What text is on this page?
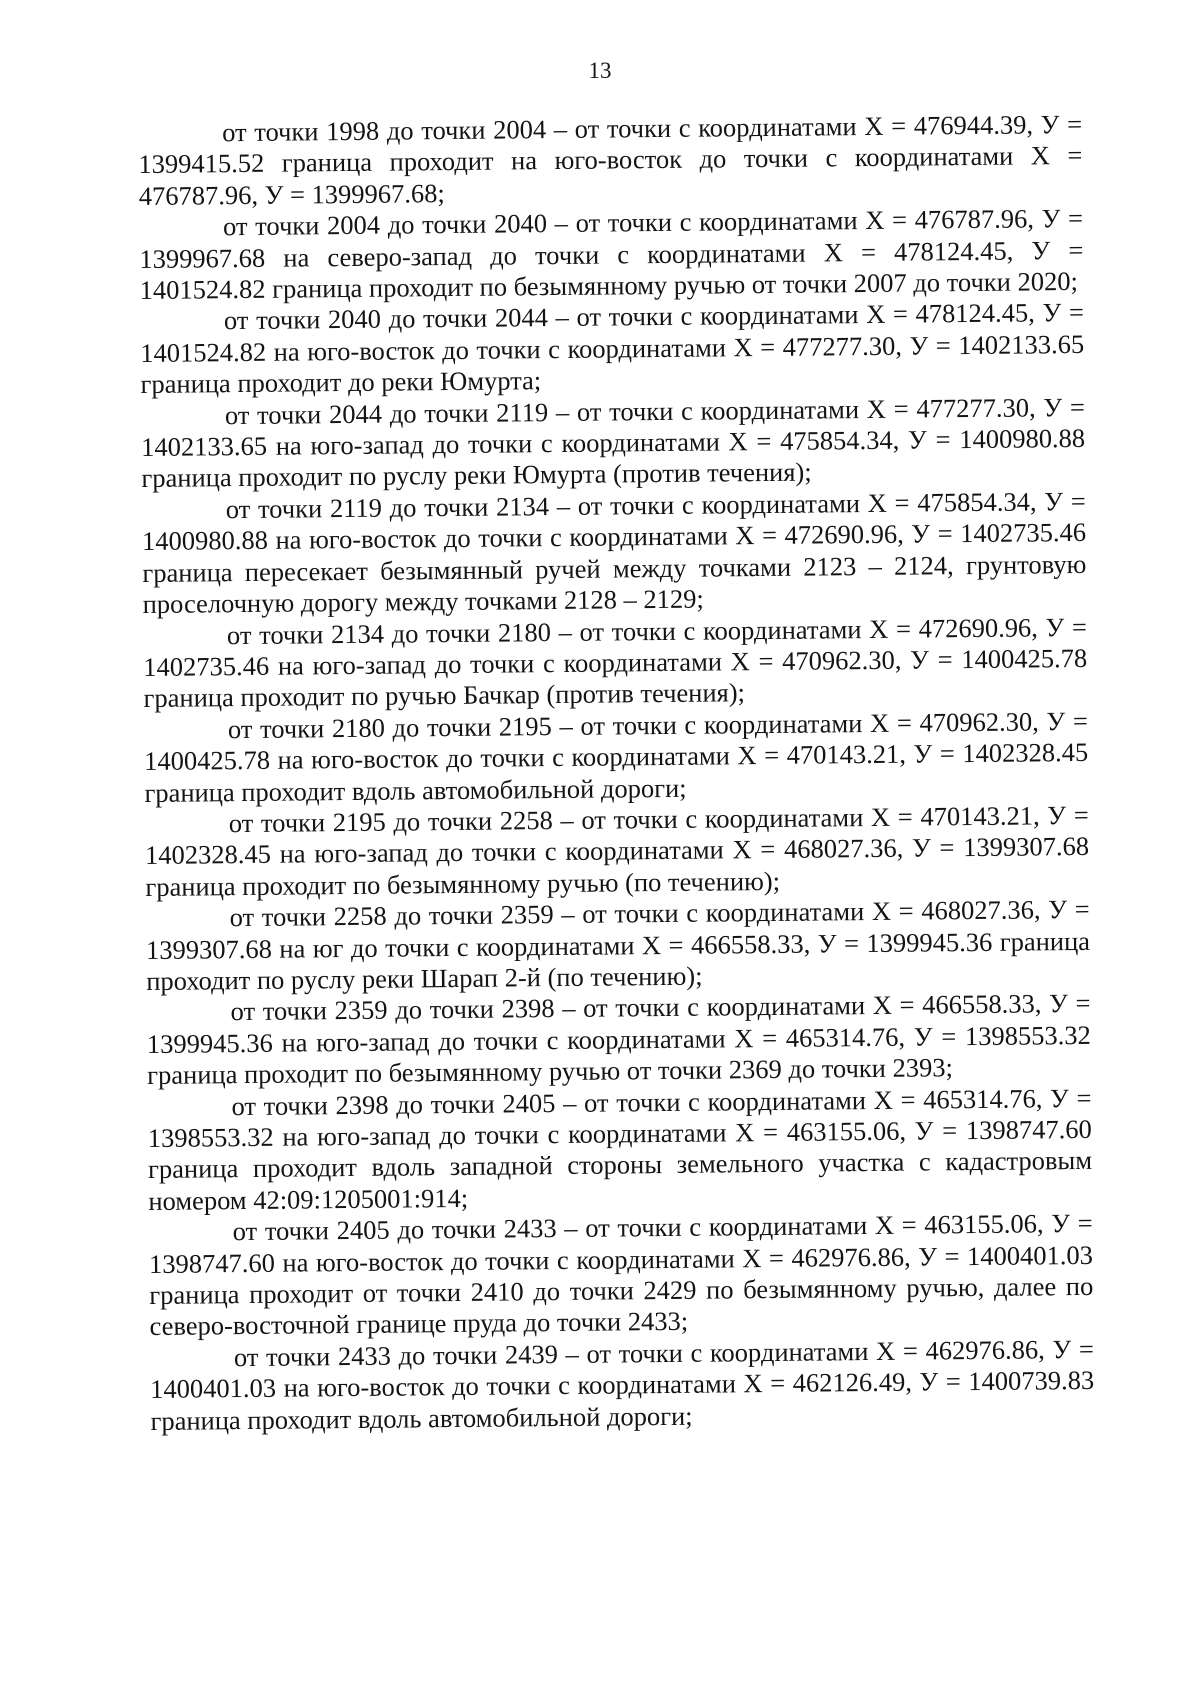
13

от точки 1998 до точки 2004 – от точки с координатами Х = 476944.39, У = 1399415.52 граница проходит на юго-восток до точки с координатами Х = 476787.96, У = 1399967.68;

от точки 2004 до точки 2040 – от точки с координатами Х = 476787.96, У = 1399967.68 на северо-запад до точки с координатами Х = 478124.45, У = 1401524.82 граница проходит по безымянному ручью от точки 2007 до точки 2020;

от точки 2040 до точки 2044 – от точки с координатами Х = 478124.45, У = 1401524.82 на юго-восток до точки с координатами Х = 477277.30, У = 1402133.65 граница проходит до реки Юмурта;

от точки 2044 до точки 2119 – от точки с координатами Х = 477277.30, У = 1402133.65 на юго-запад до точки с координатами Х = 475854.34, У = 1400980.88 граница проходит по руслу реки Юмурта (против течения);

от точки 2119 до точки 2134 – от точки с координатами Х = 475854.34, У = 1400980.88 на юго-восток до точки с координатами Х = 472690.96, У = 1402735.46 граница пересекает безымянный ручей между точками 2123 – 2124, грунтовую проселочную дорогу между точками 2128 – 2129;

от точки 2134 до точки 2180 – от точки с координатами Х = 472690.96, У = 1402735.46 на юго-запад до точки с координатами Х = 470962.30, У = 1400425.78 граница проходит по ручью Бачкар (против течения);

от точки 2180 до точки 2195 – от точки с координатами Х = 470962.30, У = 1400425.78 на юго-восток до точки с координатами Х = 470143.21, У = 1402328.45 граница проходит вдоль автомобильной дороги;

от точки 2195 до точки 2258 – от точки с координатами Х = 470143.21, У = 1402328.45 на юго-запад до точки с координатами Х = 468027.36, У = 1399307.68 граница проходит по безымянному ручью (по течению);

от точки 2258 до точки 2359 – от точки с координатами Х = 468027.36, У = 1399307.68 на юг до точки с координатами Х = 466558.33, У = 1399945.36 граница проходит по руслу реки Шарап 2-й (по течению);

от точки 2359 до точки 2398 – от точки с координатами Х = 466558.33, У = 1399945.36 на юго-запад до точки с координатами Х = 465314.76, У = 1398553.32 граница проходит по безымянному ручью от точки 2369 до точки 2393;

от точки 2398 до точки 2405 – от точки с координатами Х = 465314.76, У = 1398553.32 на юго-запад до точки с координатами Х = 463155.06, У = 1398747.60 граница проходит вдоль западной стороны земельного участка с кадастровым номером 42:09:1205001:914;

от точки 2405 до точки 2433 – от точки с координатами Х = 463155.06, У = 1398747.60 на юго-восток до точки с координатами Х = 462976.86, У = 1400401.03 граница проходит от точки 2410 до точки 2429 по безымянному ручью, далее по северо-восточной границе пруда до точки 2433;

от точки 2433 до точки 2439 – от точки с координатами Х = 462976.86, У = 1400401.03 на юго-восток до точки с координатами Х = 462126.49, У = 1400739.83 граница проходит вдоль автомобильной дороги;
